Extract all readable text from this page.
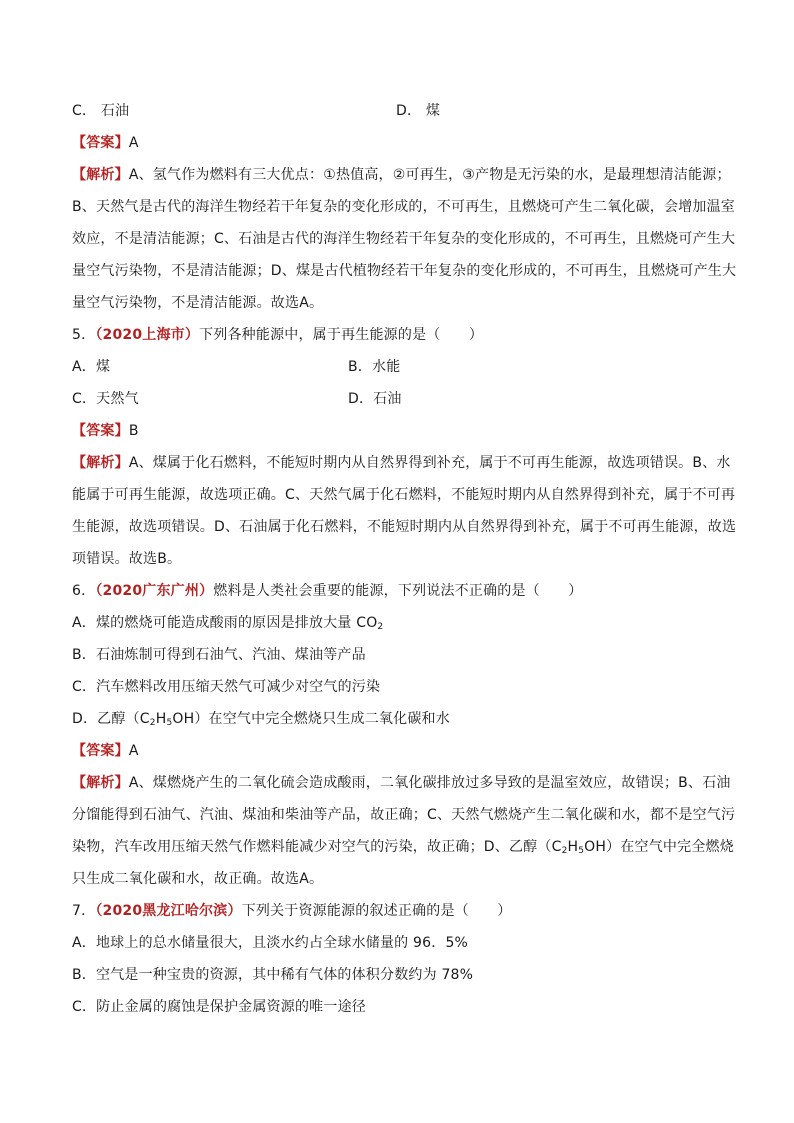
C． 石油	D． 煤
【答案】A
【解析】A、氢气作为燃料有三大优点：①热值高，②可再生，③产物是无污染的水，是最理想清洁能源；
B、天然气是古代的海洋生物经若干年复杂的变化形成的，不可再生，且燃烧可产生二氧化碳，会增加温室
效应，不是清洁能源；C、石油是古代的海洋生物经若干年复杂的变化形成的，不可再生，且燃烧可产生大
量空气污染物，不是清洁能源；D、煤是古代植物经若干年复杂的变化形成的，不可再生，且燃烧可产生大
量空气污染物，不是清洁能源。故选A。
5．（2020上海市）下列各种能源中，属于再生能源的是（　　）
A．煤	B．水能
C．天然气	D．石油
【答案】B
【解析】A、煤属于化石燃料，不能短时期内从自然界得到补充，属于不可再生能源，故选项错误。B、水
能属于可再生能源，故选项正确。C、天然气属于化石燃料，不能短时期内从自然界得到补充，属于不可再
生能源，故选项错误。D、石油属于化石燃料，不能短时期内从自然界得到补充，属于不可再生能源，故选
项错误。故选B。
6．（2020广东广州）燃料是人类社会重要的能源，下列说法不正确的是（　　）
A．煤的燃烧可能造成酸雨的原因是排放大量 $CO_2$
B．石油炼制可得到石油气、汽油、煤油等产品
C．汽车燃料改用压缩天然气可减少对空气的污染
D．乙醇$(C_2H_5OH)$在空气中完全燃烧只生成二氧化碳和水
【答案】A
【解析】A、煤燃烧产生的二氧化硫会造成酸雨，二氧化碳排放过多导致的是温室效应，故错误；B、石油
分馏能得到石油气、汽油、煤油和柴油等产品，故正确；C、天然气燃烧产生二氧化碳和水，都不是空气污
染物，汽车改用压缩天然气作燃料能减少对空气的污染，故正确；D、乙醇$(C_2H_5OH)$在空气中完全燃烧
只生成二氧化碳和水，故正确。故选A。
7．（2020黑龙江哈尔滨）下列关于资源能源的叙述正确的是（　　）
A．地球上的总水储量很大，且淡水约占全球水储量的 96．5%
B．空气是一种宝贵的资源，其中稀有气体的体积分数约为 78%
C．防止金属的腐蚀是保护金属资源的唯一途径
